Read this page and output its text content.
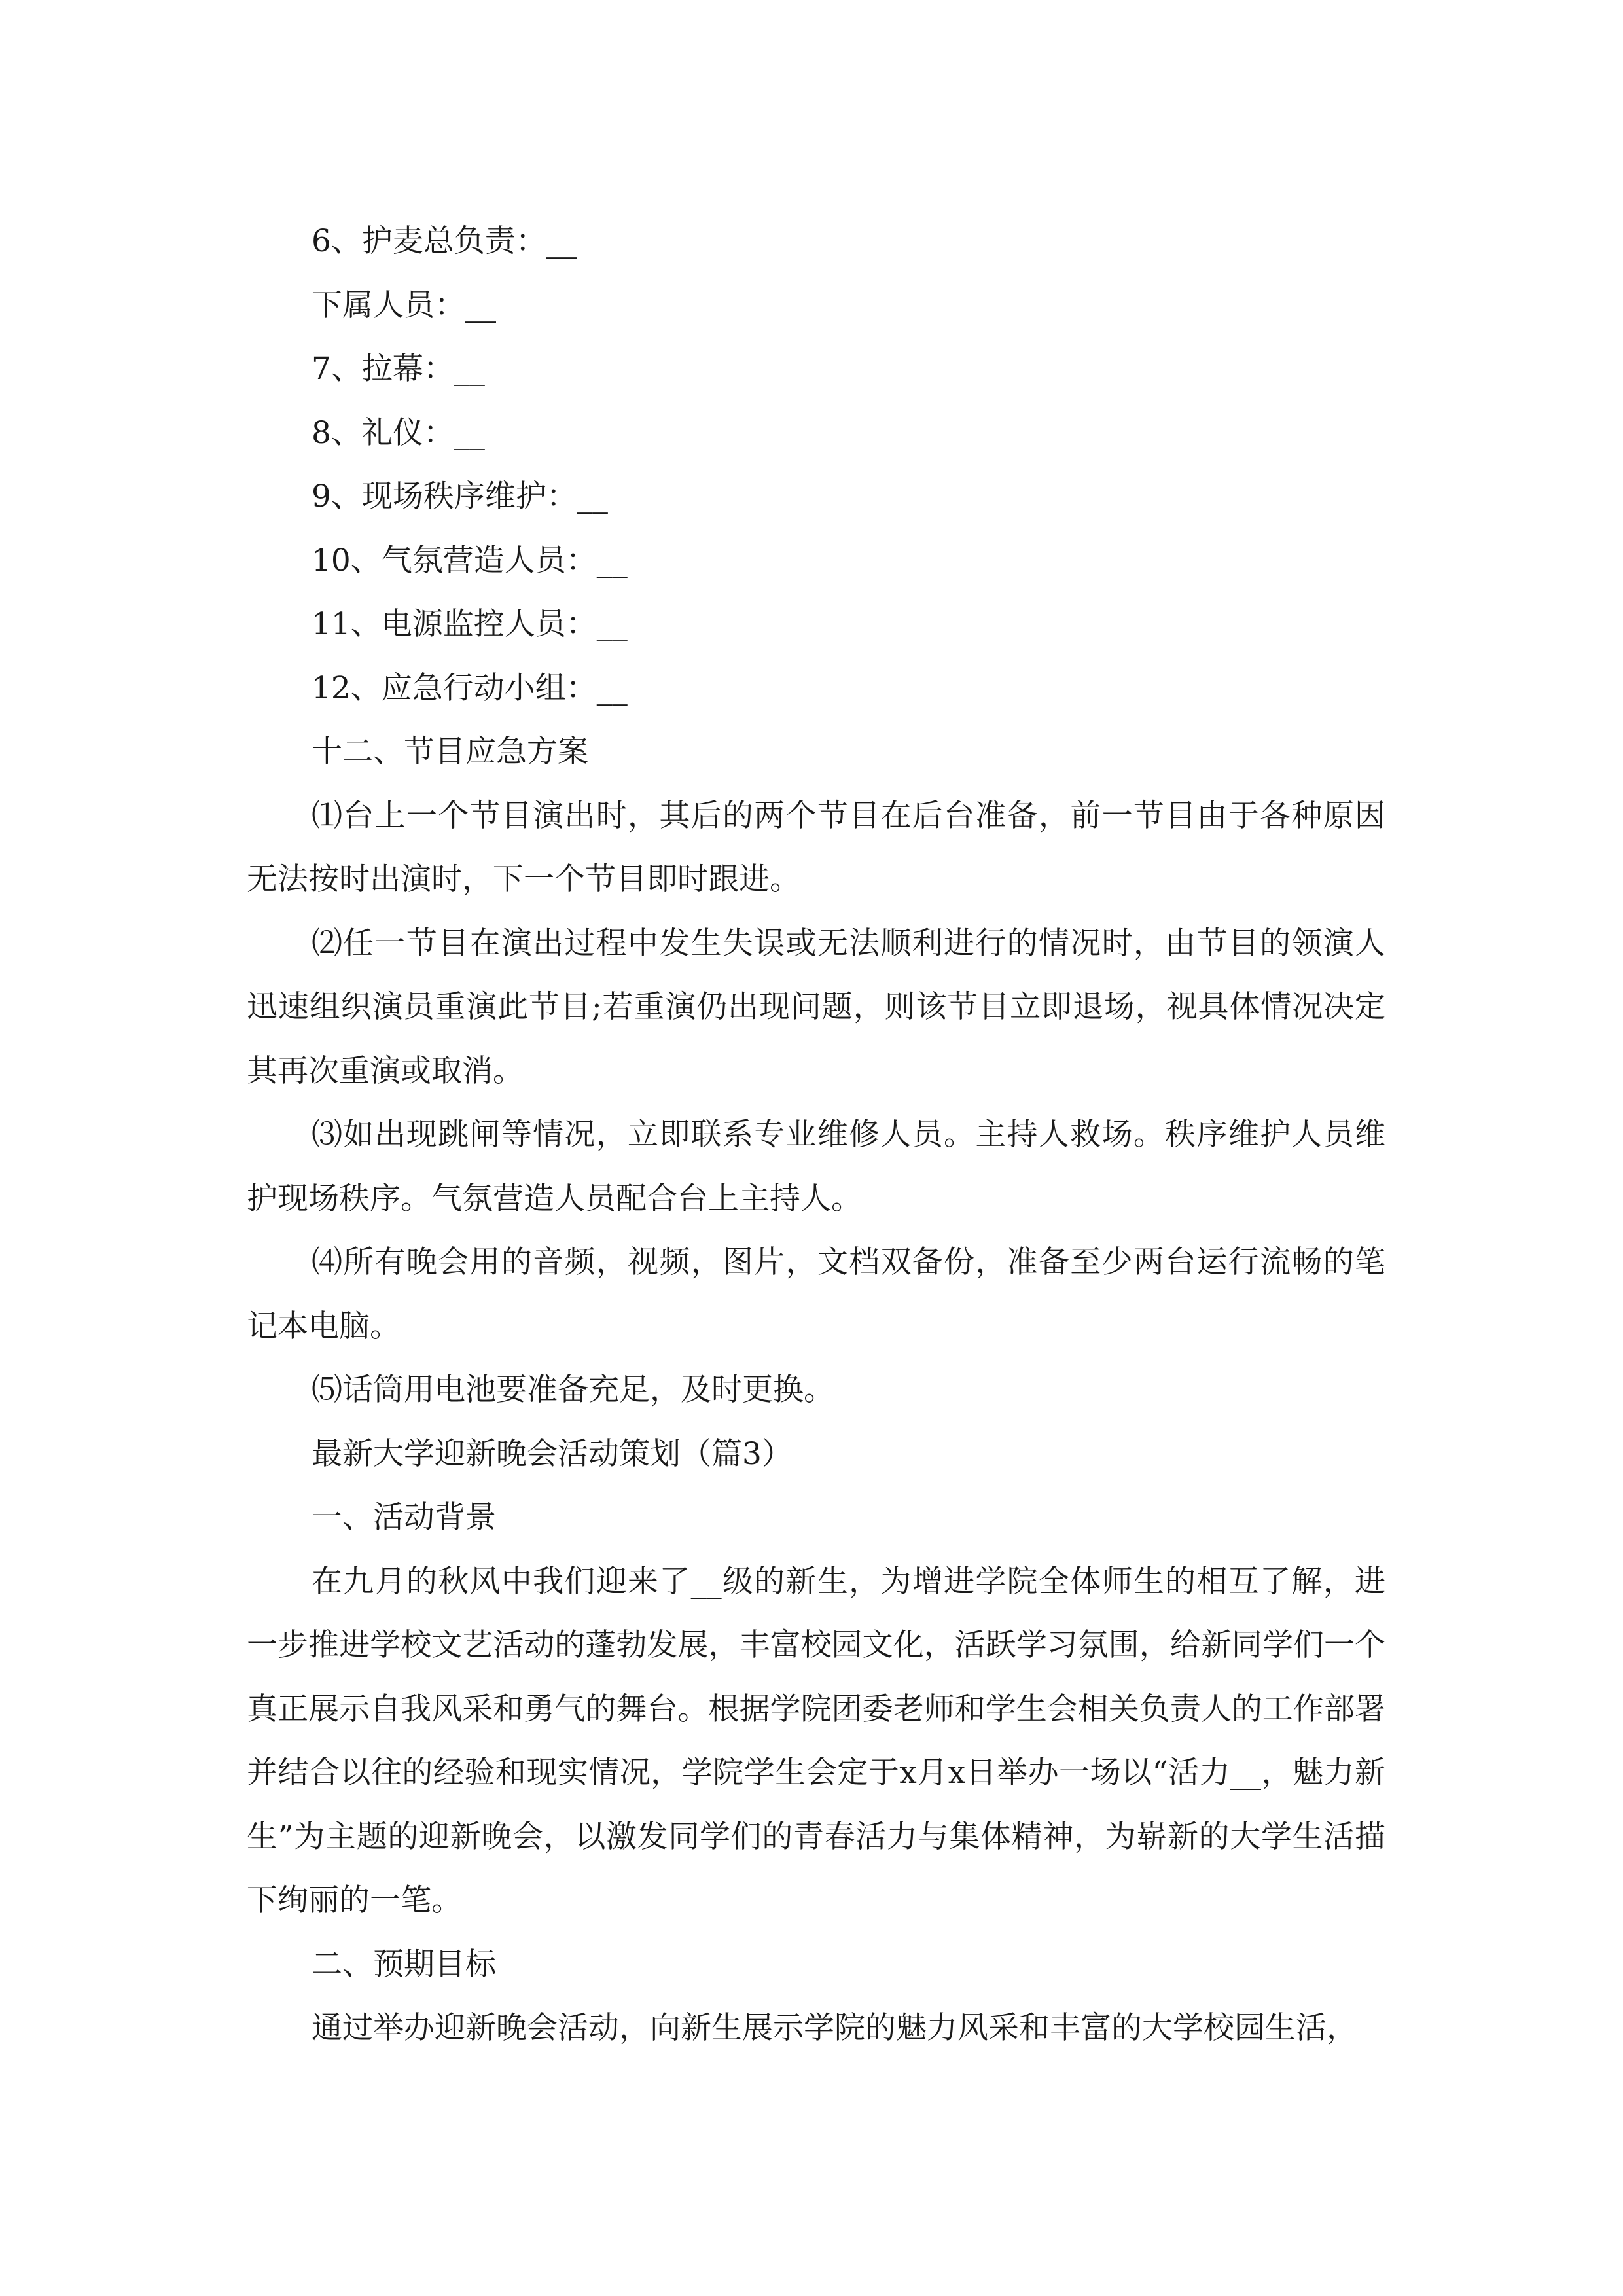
6、护麦总负责：__

下属人员：__

7、拉幕：__

8、礼仪：__

9、现场秩序维护：__

10、气氛营造人员：__

11、电源监控人员：__

12、应急行动小组：__

十二、节目应急方案

⑴台上一个节目演出时，其后的两个节目在后台准备，前一节目由于各种原因无法按时出演时，下一个节目即时跟进。

⑵任一节目在演出过程中发生失误或无法顺利进行的情况时，由节目的领演人迅速组织演员重演此节目;若重演仍出现问题，则该节目立即退场，视具体情况决定其再次重演或取消。

⑶如出现跳闸等情况，立即联系专业维修人员。主持人救场。秩序维护人员维护现场秩序。气氛营造人员配合台上主持人。

⑷所有晚会用的音频，视频，图片，文档双备份，准备至少两台运行流畅的笔记本电脑。

⑸话筒用电池要准备充足，及时更换。

最新大学迎新晚会活动策划（篇3）

一、活动背景

在九月的秋风中我们迎来了__级的新生，为增进学院全体师生的相互了解，进一步推进学校文艺活动的蓬勃发展，丰富校园文化，活跃学习氛围，给新同学们一个真正展示自我风采和勇气的舞台。根据学院团委老师和学生会相关负责人的工作部署并结合以往的经验和现实情况，学院学生会定于x月x日举办一场以“活力__，魅力新生”为主题的迎新晚会，以激发同学们的青春活力与集体精神，为崭新的大学生活描下绚丽的一笔。

二、预期目标

通过举办迎新晚会活动，向新生展示学院的魅力风采和丰富的大学校园生活，
